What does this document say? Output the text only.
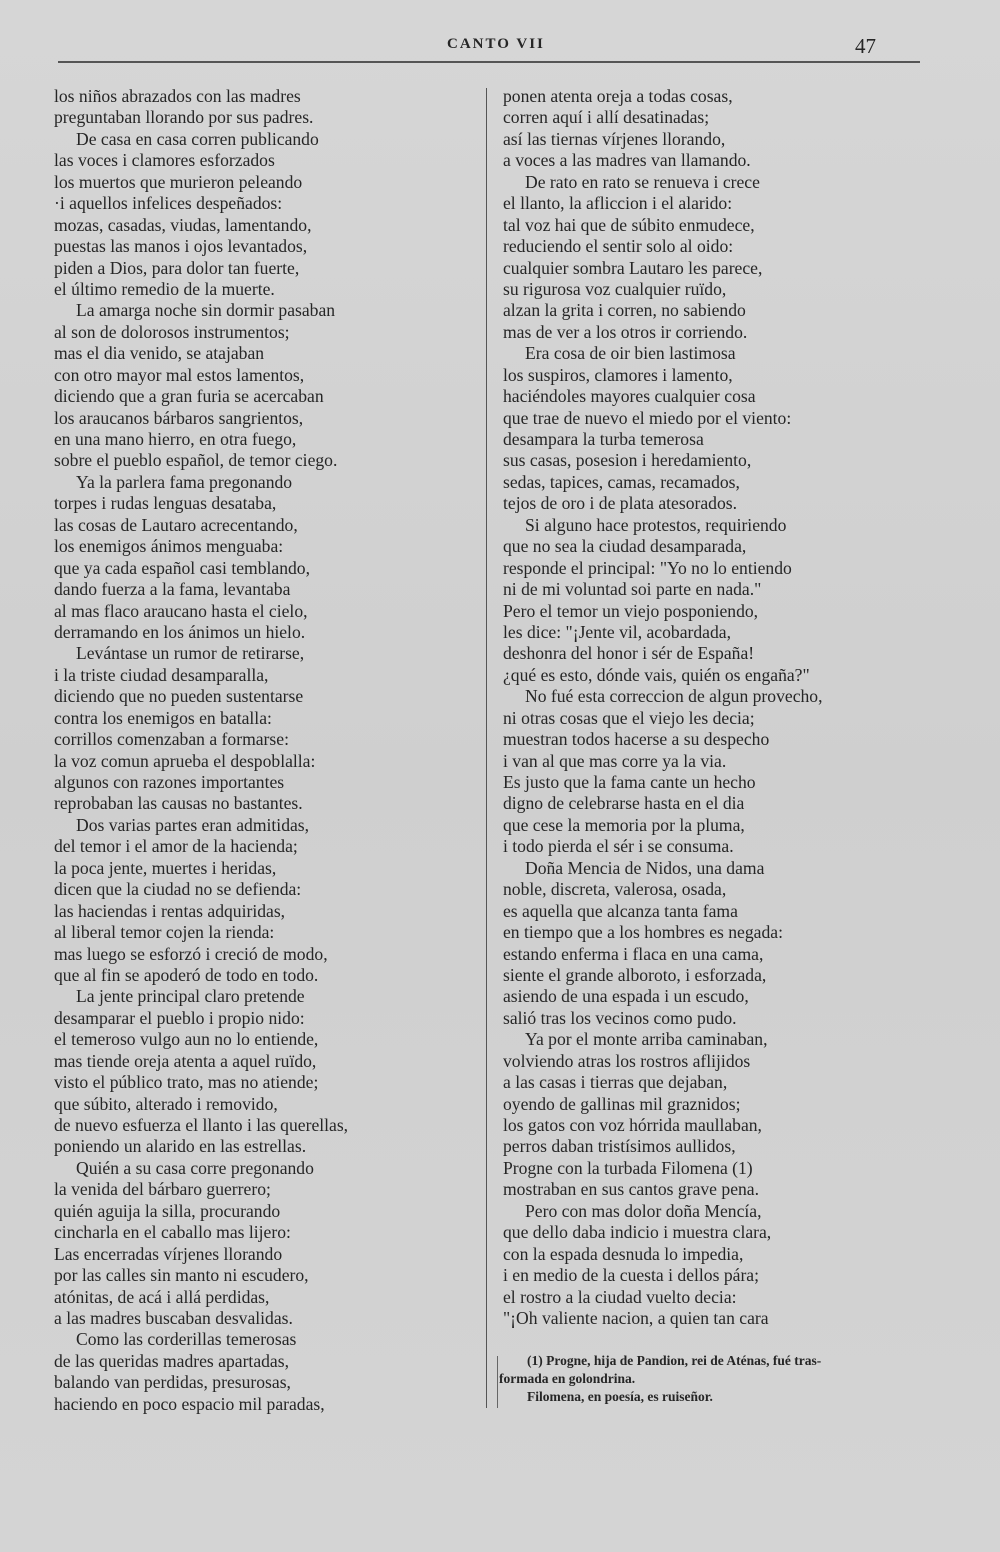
CANTO VII	47
los niños abrazados con las madres
preguntaban llorando por sus padres.
De casa en casa corren publicando
las voces i clamores esforzados
los muertos que murieron peleando
·i aquellos infelices despeñados:
mozas, casadas, viudas, lamentando,
puestas las manos i ojos levantados,
piden a Dios, para dolor tan fuerte,
el último remedio de la muerte.
La amarga noche sin dormir pasaban
al son de dolorosos instrumentos;
mas el dia venido, se atajaban
con otro mayor mal estos lamentos,
diciendo que a gran furia se acercaban
los araucanos bárbaros sangrientos,
en una mano hierro, en otra fuego,
sobre el pueblo español, de temor ciego.
Ya la parlera fama pregonando
torpes i rudas lenguas desataba,
las cosas de Lautaro acrecentando,
los enemigos ánimos menguaba:
que ya cada español casi temblando,
dando fuerza a la fama, levantaba
al mas flaco araucano hasta el cielo,
derramando en los ánimos un hielo.
Levántase un rumor de retirarse,
i la triste ciudad desamparalla,
diciendo que no pueden sustentarse
contra los enemigos en batalla:
corrillos comenzaban a formarse:
la voz comun aprueba el despoblalla:
algunos con razones importantes
reprobaban las causas no bastantes.
Dos varias partes eran admitidas,
del temor i el amor de la hacienda;
la poca jente, muertes i heridas,
dicen que la ciudad no se defienda:
las haciendas i rentas adquiridas,
al liberal temor cojen la rienda:
mas luego se esforzó i creció de modo,
que al fin se apoderó de todo en todo.
La jente principal claro pretende
desamparar el pueblo i propio nido:
el temeroso vulgo aun no lo entiende,
mas tiende oreja atenta a aquel ruïdo,
visto el público trato, mas no atiende;
que súbito, alterado i removido,
de nuevo esfuerza el llanto i las querellas,
poniendo un alarido en las estrellas.
Quién a su casa corre pregonando
la venida del bárbaro guerrero;
quién aguija la silla, procurando
cincharla en el caballo mas lijero:
Las encerradas vírjenes llorando
por las calles sin manto ni escudero,
atónitas, de acá i allá perdidas,
a las madres buscaban desvalidas.
Como las corderillas temerosas
de las queridas madres apartadas,
balando van perdidas, presurosas,
haciendo en poco espacio mil paradas,
ponen atenta oreja a todas cosas,
corren aquí i allí desatinadas;
así las tiernas vírjenes llorando,
a voces a las madres van llamando.
De rato en rato se renueva i crece
el llanto, la afliccion i el alarido:
tal voz hai que de súbito enmudece,
reduciendo el sentir solo al oido:
cualquier sombra Lautaro les parece,
su rigurosa voz cualquier ruïdo,
alzan la grita i corren, no sabiendo
mas de ver a los otros ir corriendo.
Era cosa de oir bien lastimosa
los suspiros, clamores i lamento,
haciéndoles mayores cualquier cosa
que trae de nuevo el miedo por el viento:
desampara la turba temerosa
sus casas, posesion i heredamiento,
sedas, tapices, camas, recamados,
tejos de oro i de plata atesorados.
Si alguno hace protestos, requiriendo
que no sea la ciudad desamparada,
responde el principal: "Yo no lo entiendo
ni de mi voluntad soi parte en nada."
Pero el temor un viejo posponiendo,
les dice: "¡Jente vil, acobardada,
deshonra del honor i sér de España!
¿qué es esto, dónde vais, quién os engaña?"
No fué esta correccion de algun provecho,
ni otras cosas que el viejo les decia;
muestran todos hacerse a su despecho
i van al que mas corre ya la via.
Es justo que la fama cante un hecho
digno de celebrarse hasta en el dia
que cese la memoria por la pluma,
i todo pierda el sér i se consuma.
Doña Mencia de Nidos, una dama
noble, discreta, valerosa, osada,
es aquella que alcanza tanta fama
en tiempo que a los hombres es negada:
estando enferma i flaca en una cama,
siente el grande alboroto, i esforzada,
asiendo de una espada i un escudo,
salió tras los vecinos como pudo.
Ya por el monte arriba caminaban,
volviendo atras los rostros aflijidos
a las casas i tierras que dejaban,
oyendo de gallinas mil graznidos;
los gatos con voz hórrida maullaban,
perros daban tristísimos aullidos,
Progne con la turbada Filomena (1)
mostraban en sus cantos grave pena.
Pero con mas dolor doña Mencía,
que dello daba indicio i muestra clara,
con la espada desnuda lo impedia,
i en medio de la cuesta i dellos pára;
el rostro a la ciudad vuelto decia:
"¡Oh valiente nacion, a quien tan cara
(1) Progne, hija de Pandion, rei de Aténas, fué tras-
formada en golondrina.
Filomena, en poesía, es ruiseñor.
